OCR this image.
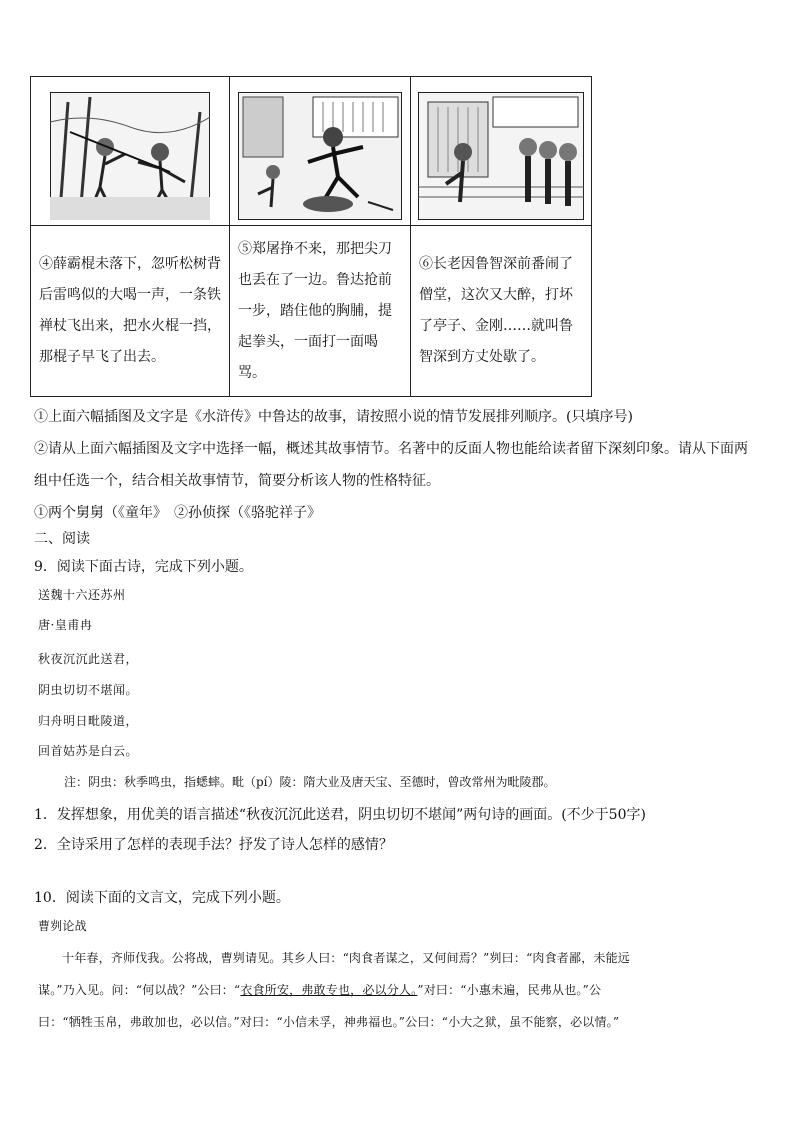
④薛霸棍未落下，忽听松树背后雷鸣似的大喝一声，一条铁禅杖飞出来，把水火棍一挡，那棍子早飞了出去。	⑤郑屠挣不来，那把尖刀也丢在了一边。鲁达抢前一步，踏住他的胸脯，提起拳头，一面打一面喝骂。	⑥长老因鲁智深前番闹了僧堂，这次又大醉，打坏了亭子、金刚……就叫鲁智深到方丈处歇了。
①上面六幅插图及文字是《水浒传》中鲁达的故事，请按照小说的情节发展排列顺序。(只填序号)
②请从上面六幅插图及文字中选择一幅，概述其故事情节。名著中的反面人物也能给读者留下深刻印象。请从下面两
组中任选一个，结合相关故事情节，简要分析该人物的性格特征。
①两个舅舅（《童年》　②孙侦探（《骆驼祥子》
二、阅读
9．阅读下面古诗，完成下列小题。
送魏十六还苏州
唐·皇甫冉
秋夜沉沉此送君，
阴虫切切不堪闻。
归舟明日毗陵道，
回首姑苏是白云。
注：阴虫：秋季鸣虫，指蟋蟀。毗（pí）陵：隋大业及唐天宝、至德时，曾改常州为毗陵郡。
1．发挥想象，用优美的语言描述“秋夜沉沉此送君，阴虫切切不堪闻”两句诗的画面。(不少于50字)
2．全诗采用了怎样的表现手法？抒发了诗人怎样的感情？
10．阅读下面的文言文，完成下列小题。
曹刿论战
十年春，齐师伐我。公将战，曹刿请见。其乡人曰：“肉食者谋之，又何间焉？”刿曰：“肉食者鄙，未能远
谋。”乃入见。问：“何以战？”公曰：“衣食所安，弗敢专也，必以分人。”对曰：“小惠未遍，民弗从也。”公
曰：“牺牲玉帛，弗敢加也，必以信。”对曰：“小信未孚，神弗福也。”公曰：“小大之狱，虽不能察，必以情。”
